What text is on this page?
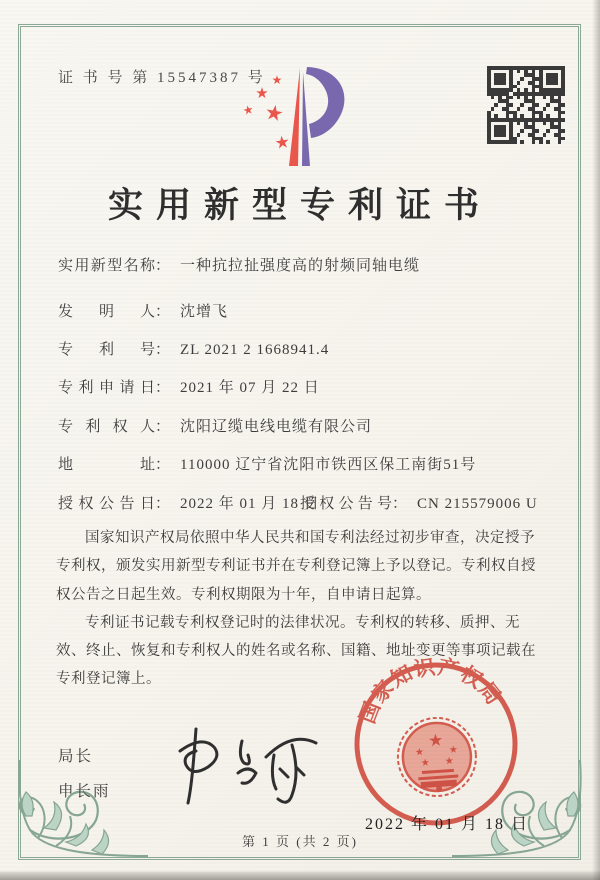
证 书 号 第 15547387 号 ★
★
★ ★
★
实用新型专利证书
实用新型名称： 一种抗拉扯强度高的射频同轴电缆
发明人： 沈增飞
专利号： ZL 2021 2 1668941.4
专利申请日： 2021 年 07 月 22 日
专利权人： 沈阳辽缆电线电缆有限公司
地址： 110000 辽宁省沈阳市铁西区保工南街51号
授权公告日： 2022 年 01 月 18 日
授权公告号： CN 215579006 U

国家知识产权局依照中华人民共和国专利法经过初步审查，决定授予专利权，颁发实用新型专利证书并在专利登记簿上予以登记。专利权自授权公告之日起生效。专利权期限为十年，自申请日起算。

专利证书记载专利权登记时的法律状况。专利权的转移、质押、无效、终止、恢复和专利权人的姓名或名称、国籍、地址变更等事项记载在专利登记簿上。

局长
申长雨
国家知识产权局
★
★ ★
★ ★
2022 年 01 月 18 日
第 1 页 (共 2 页)
